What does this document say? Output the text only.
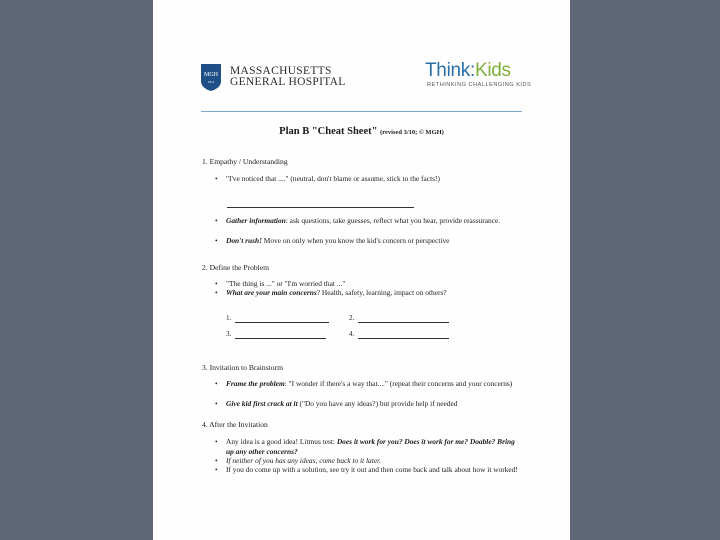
MGH
1811
MASSACHUSETTS
GENERAL HOSPITAL
Think:Kids
RETHINKING CHALLENGING KIDS
Plan B "Cheat Sheet" (revised 3/10; © MGH)
1. Empathy / Understanding
•	"I've noticed that ...." (neutral, don't blame or assume, stick to the facts!)
•	Gather information: ask questions, take guesses, reflect what you hear, provide reassurance.
•	Don't rush! Move on only when you know the kid's concern or perspective
2. Define the Problem
•	"The thing is ..." or "I'm worried that ..."
•	What are your main concerns? Health, safety, learning, impact on others?
1.	2.
3.	4.
3. Invitation to Brainstorm
•	Frame the problem: "I wonder if there's a way that...." (repeat their concerns and your concerns)
•	Give kid first crack at it ("Do you have any ideas?) but provide help if needed
4. After the Invitation
•	Any idea is a good idea! Litmus test: Does it work for you? Does it work for me? Doable? Bring up any other concerns?
•	If neither of you has any ideas, come back to it later.
•	If you do come up with a solution, see try it out and then come back and talk about how it worked!
